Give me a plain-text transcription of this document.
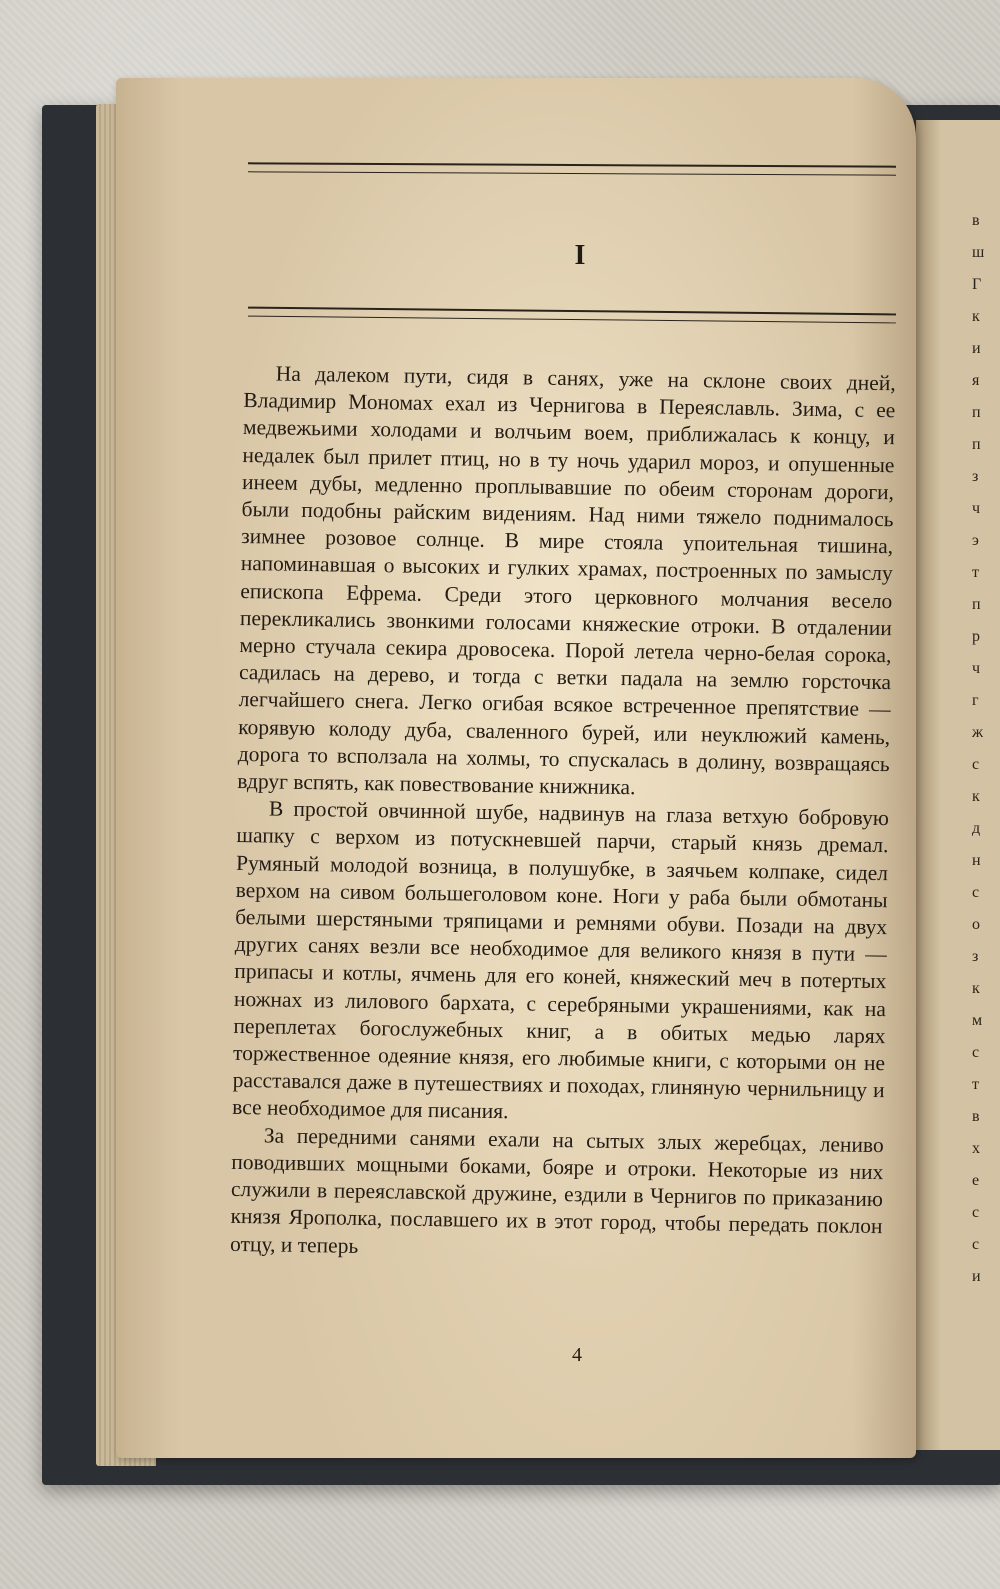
в
ш
Г
к
и
я
п
п
з
ч
э
т
п
р
ч
г
ж
с
к
д
н
с
о
з
к
м
с
т
в
х
е
с
с
и
I

На далеком пути, сидя в санях, уже на склоне своих дней, Владимир Мономах ехал из Чернигова в Переяславль. Зима, с ее медвежьими холодами и волчьим воем, приближалась к концу, и недалек был прилет птиц, но в ту ночь ударил мороз, и опушенные инеем дубы, медленно проплывавшие по обеим сторонам дороги, были подобны райским видениям. Над ними тяжело поднималось зимнее розовое солнце. В мире стояла упоительная тишина, напоминавшая о высоких и гулких храмах, построенных по замыслу епископа Ефрема. Среди этого церковного молчания весело перекликались звонкими голосами княжеские отроки. В отдалении мерно стучала секира дровосека. Порой летела черно-белая сорока, садилась на дерево, и тогда с ветки падала на землю горсточка легчайшего снега. Легко огибая всякое встреченное препятствие — корявую колоду дуба, сваленного бурей, или неуклюжий камень, дорога то всползала на холмы, то спускалась в долину, возвращаясь вдруг вспять, как повествование книжника.

В простой овчинной шубе, надвинув на глаза ветхую бобровую шапку с верхом из потускневшей парчи, старый князь дремал. Румяный молодой возница, в полушубке, в заячьем колпаке, сидел верхом на сивом большеголовом коне. Ноги у раба были обмотаны белыми шерстяными тряпицами и ремнями обуви. Позади на двух других санях везли все необходимое для великого князя в пути — припасы и котлы, ячмень для его коней, княжеский меч в потертых ножнах из лилового бархата, с серебряными украшениями, как на переплетах богослужебных книг, а в обитых медью ларях торжественное одеяние князя, его любимые книги, с которыми он не расставался даже в путешествиях и походах, глиняную чернильницу и все необходимое для писания.

За передними санями ехали на сытых злых жеребцах, лениво поводивших мощными боками, бояре и отроки. Некоторые из них служили в переяславской дружине, ездили в Чернигов по приказанию князя Ярополка, пославшего их в этот город, чтобы передать поклон отцу, и теперь

4
